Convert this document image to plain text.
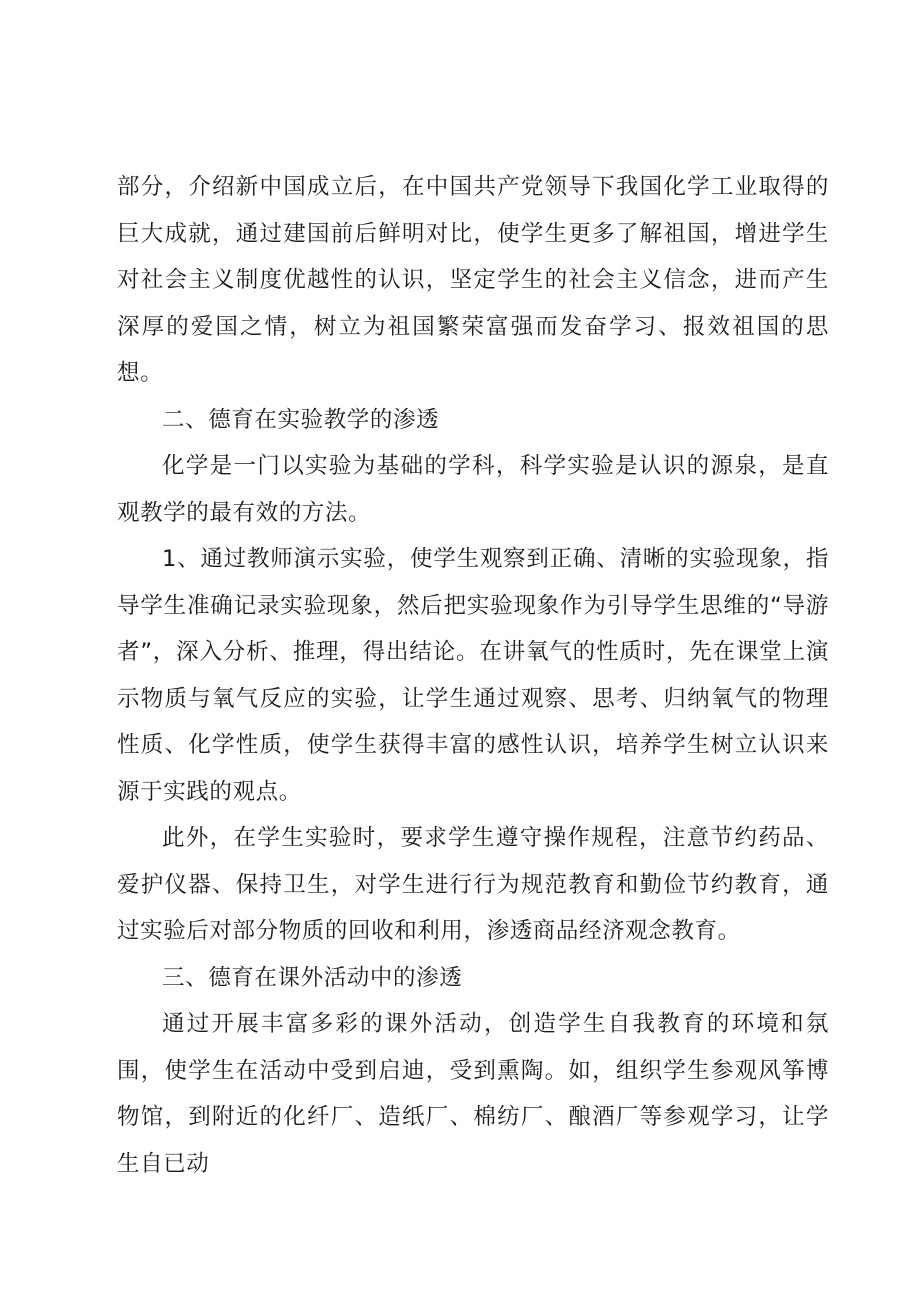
部分，介绍新中国成立后，在中国共产党领导下我国化学工业取得的巨大成就，通过建国前后鲜明对比，使学生更多了解祖国，增进学生对社会主义制度优越性的认识，坚定学生的社会主义信念，进而产生深厚的爱国之情，树立为祖国繁荣富强而发奋学习、报效祖国的思想。

二、德育在实验教学的渗透

化学是一门以实验为基础的学科，科学实验是认识的源泉，是直观教学的最有效的方法。

1、通过教师演示实验，使学生观察到正确、清晰的实验现象，指导学生准确记录实验现象，然后把实验现象作为引导学生思维的“导游者”，深入分析、推理，得出结论。在讲氧气的性质时，先在课堂上演示物质与氧气反应的实验，让学生通过观察、思考、归纳氧气的物理性质、化学性质，使学生获得丰富的感性认识，培养学生树立认识来源于实践的观点。

此外，在学生实验时，要求学生遵守操作规程，注意节约药品、爱护仪器、保持卫生，对学生进行行为规范教育和勤俭节约教育，通过实验后对部分物质的回收和利用，渗透商品经济观念教育。

三、德育在课外活动中的渗透

通过开展丰富多彩的课外活动，创造学生自我教育的环境和氛围，使学生在活动中受到启迪，受到熏陶。如，组织学生参观风筝博物馆，到附近的化纤厂、造纸厂、棉纺厂、酿酒厂等参观学习，让学生自已动
